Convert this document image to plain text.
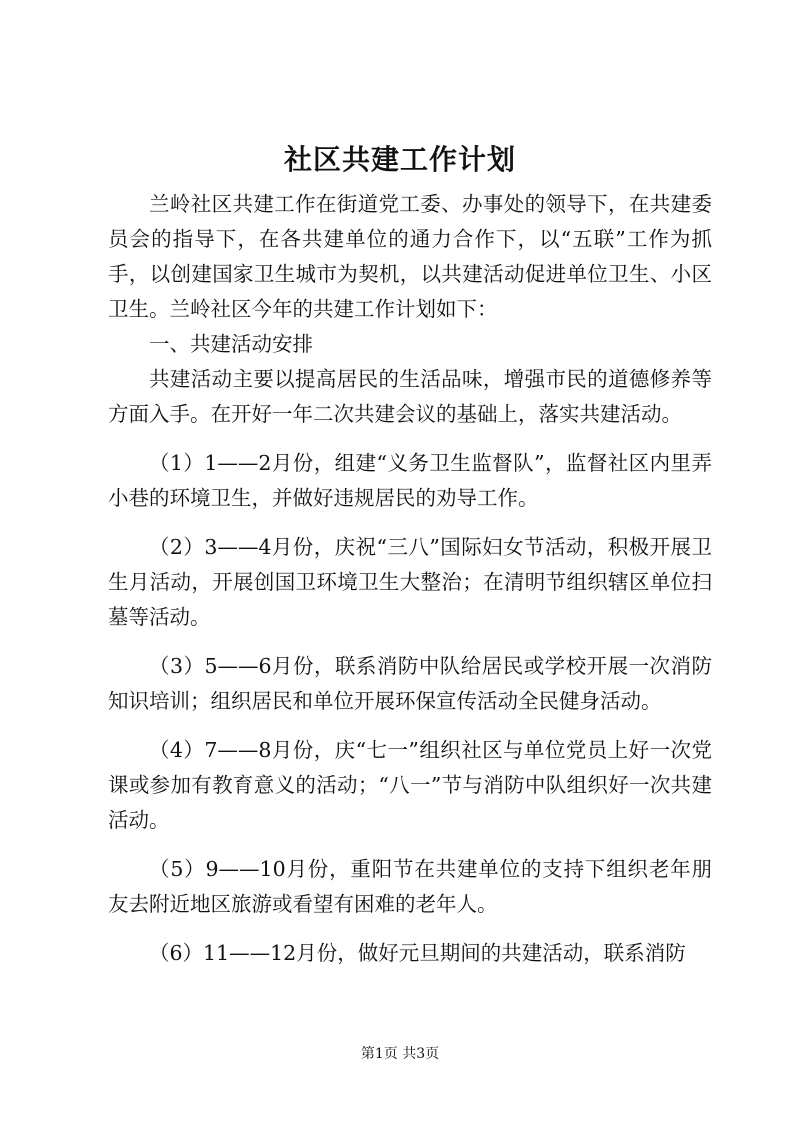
社区共建工作计划

兰岭社区共建工作在街道党工委、办事处的领导下，在共建委员会的指导下，在各共建单位的通力合作下，以“五联”工作为抓手，以创建国家卫生城市为契机，以共建活动促进单位卫生、小区卫生。兰岭社区今年的共建工作计划如下：

一、共建活动安排

共建活动主要以提高居民的生活品味，增强市民的道德修养等方面入手。在开好一年二次共建会议的基础上，落实共建活动。

（1）1——2月份，组建“义务卫生监督队”，监督社区内里弄小巷的环境卫生，并做好违规居民的劝导工作。

（2）3——4月份，庆祝“三八”国际妇女节活动，积极开展卫生月活动，开展创国卫环境卫生大整治；在清明节组织辖区单位扫墓等活动。

（3）5——6月份，联系消防中队给居民或学校开展一次消防知识培训；组织居民和单位开展环保宣传活动全民健身活动。

（4）7——8月份，庆“七一”组织社区与单位党员上好一次党课或参加有教育意义的活动；“八一”节与消防中队组织好一次共建活动。

（5）9——10月份，重阳节在共建单位的支持下组织老年朋友去附近地区旅游或看望有困难的老年人。

（6）11——12月份，做好元旦期间的共建活动，联系消防

第1页 共3页
